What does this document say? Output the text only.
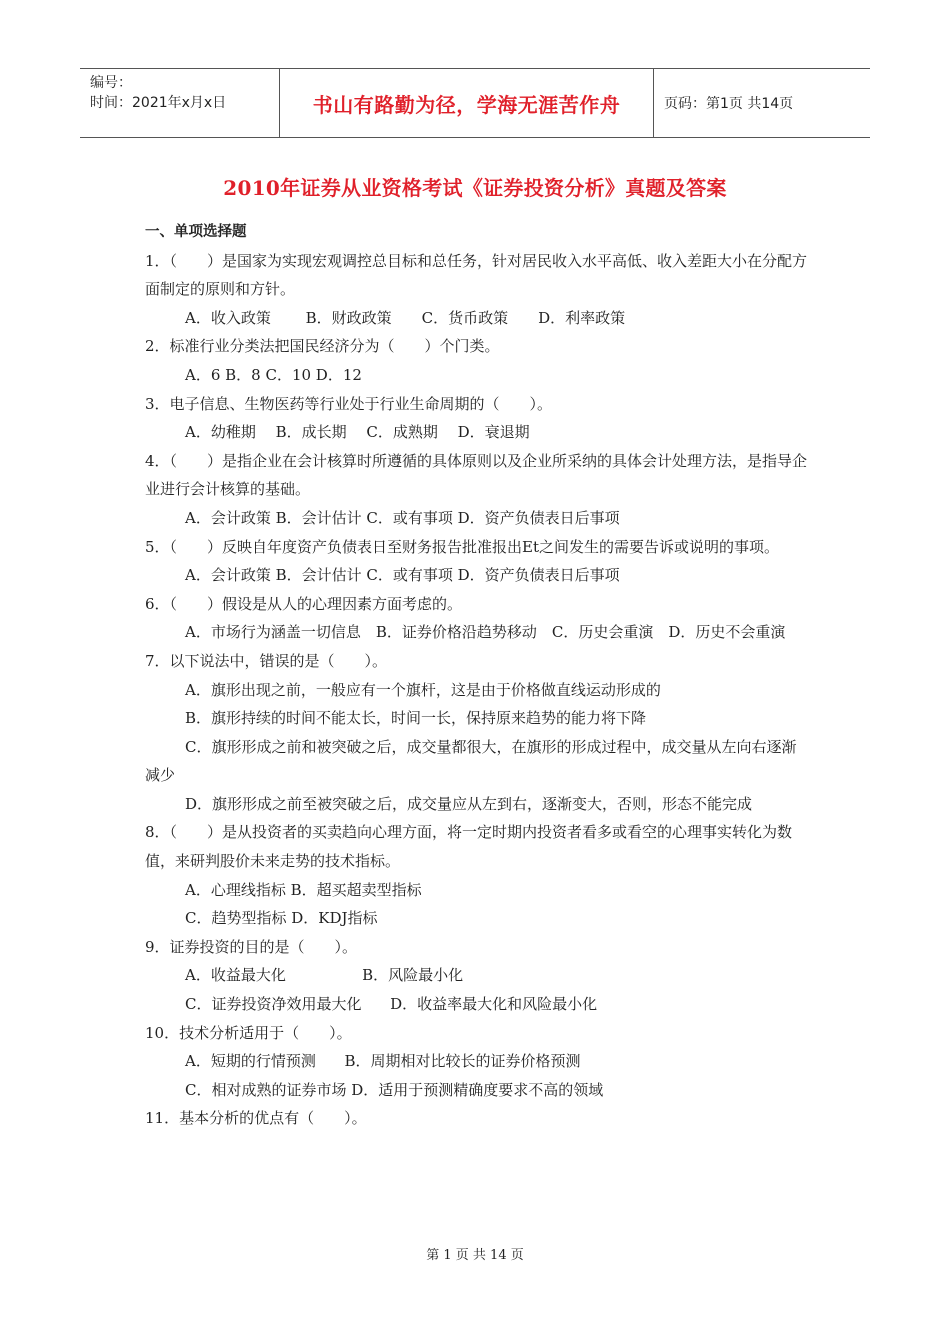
编号：
时间：2021年x月x日	书山有路勤为径，学海无涯苦作舟	页码：第1页 共14页
2010年证券从业资格考试《证券投资分析》真题及答案
一、单项选择题
1．（　　）是国家为实现宏观调控总目标和总任务，针对居民收入水平高低、收入差距大小在分配方面制定的原则和方针。
A．收入政策　　 B．财政政策　　C．货币政策　　D．利率政策
2．标准行业分类法把国民经济分为（　　）个门类。
A．6 B．8 C．10 D．12
3．电子信息、生物医药等行业处于行业生命周期的（　　）。
A．幼稚期　 B．成长期　 C．成熟期　 D．衰退期
4．（　　）是指企业在会计核算时所遵循的具体原则以及企业所采纳的具体会计处理方法，是指导企业进行会计核算的基础。
A．会计政策 B．会计估计 C．或有事项 D．资产负债表日后事项
5．（　　）反映自年度资产负债表日至财务报告批准报出Et之间发生的需要告诉或说明的事项。
A．会计政策 B．会计估计 C．或有事项 D．资产负债表日后事项
6．（　　）假设是从人的心理因素方面考虑的。
A．市场行为涵盖一切信息　B．证券价格沿趋势移动　C．历史会重演　D．历史不会重演
7．以下说法中，错误的是（　　）。
A．旗形出现之前，一般应有一个旗杆，这是由于价格做直线运动形成的
B．旗形持续的时间不能太长，时间一长，保持原来趋势的能力将下降
C．旗形形成之前和被突破之后，成交量都很大，在旗形的形成过程中，成交量从左向右逐渐减少
D．旗形形成之前至被突破之后，成交量应从左到右，逐渐变大，否则，形态不能完成
8．（　　）是从投资者的买卖趋向心理方面，将一定时期内投资者看多或看空的心理事实转化为数值，来研判股价未来走势的技术指标。
A．心理线指标 B．超买超卖型指标
C．趋势型指标 D．KDJ指标
9．证券投资的目的是（　　）。
A．收益最大化                B．风险最小化
C．证券投资净效用最大化      D．收益率最大化和风险最小化
10．技术分析适用于（　　）。
A．短期的行情预测      B．周期相对比较长的证券价格预测
C．相对成熟的证券市场 D．适用于预测精确度要求不高的领域
11．基本分析的优点有（　　）。
第 1 页 共 14 页
